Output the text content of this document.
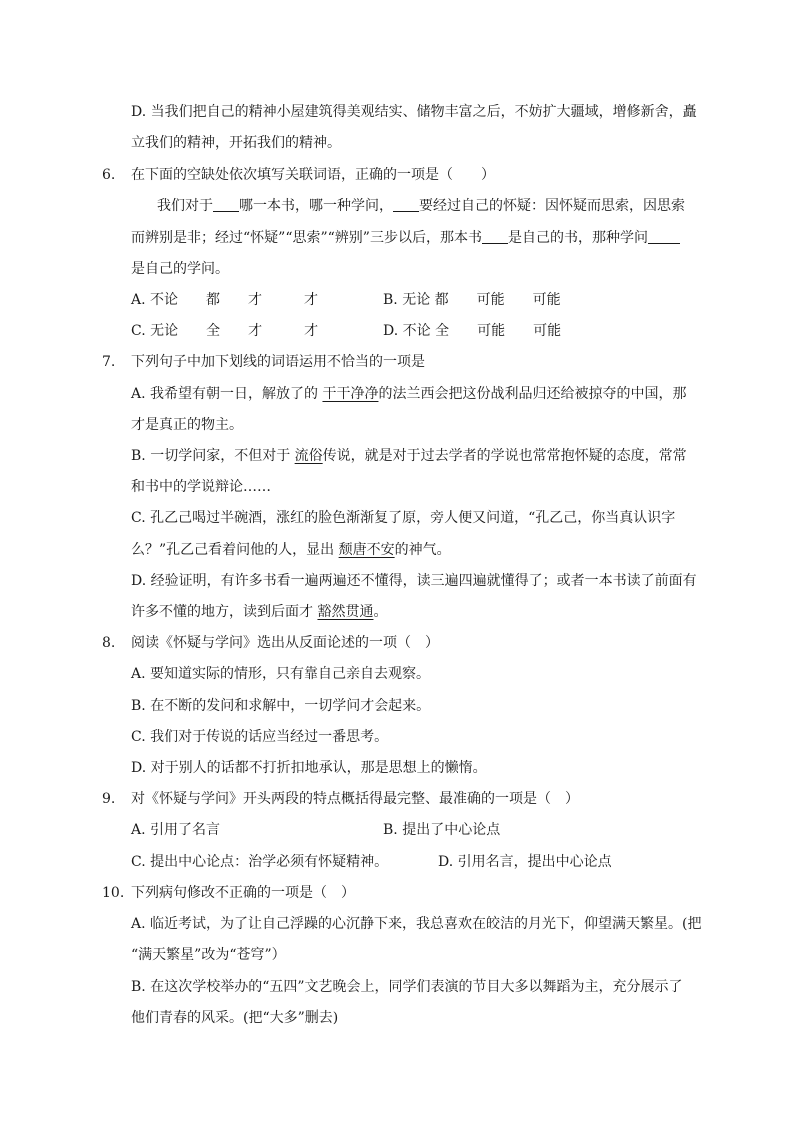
D. 当我们把自己的精神小屋建筑得美观结实、储物丰富之后，不妨扩大疆域，增修新舍，矗
立我们的精神，开拓我们的精神。
6. 在下面的空缺处依次填写关联词语，正确的一项是（　　）
我们对于 哪一本书，哪一种学问， 要经过自己的怀疑：因怀疑而思索，因思索
而辨别是非；经过“怀疑”“思索”“辨别”三步以后，那本书 是自己的书，那种学问
是自己的学问。
A. 不论　　都　　才　　　才	B. 无论 都　　可能　　可能
C. 无论　　全　　才　　　才	D. 不论 全　　可能　　可能
7. 下列句子中加下划线的词语运用不恰当的一项是
A. 我希望有朝一日，解放了的 干干净净的法兰西会把这份战利品归还给被掠夺的中国，那
才是真正的物主。
B. 一切学问家，不但对于 流俗传说，就是对于过去学者的学说也常常抱怀疑的态度，常常
和书中的学说辩论……
C. 孔乙己喝过半碗酒，涨红的脸色渐渐复了原，旁人便又问道，“孔乙己，你当真认识字
么？”孔乙己看着问他的人，显出 颓唐不安的神气。
D. 经验证明，有许多书看一遍两遍还不懂得，读三遍四遍就懂得了；或者一本书读了前面有
许多不懂的地方，读到后面才 豁然贯通。
8. 阅读《怀疑与学问》选出从反面论述的一项（　）
A. 要知道实际的情形，只有靠自己亲自去观察。
B. 在不断的发问和求解中，一切学问才会起来。
C. 我们对于传说的话应当经过一番思考。
D. 对于别人的话都不打折扣地承认，那是思想上的懒惰。
9. 对《怀疑与学问》开头两段的特点概括得最完整、最准确的一项是（　）
A. 引用了名言	B. 提出了中心论点
C. 提出中心论点：治学必须有怀疑精神。	D. 引用名言，提出中心论点
10. 下列病句修改不正确的一项是（　）
A. 临近考试，为了让自己浮躁的心沉静下来，我总喜欢在皎洁的月光下，仰望满天繁星。(把
“满天繁星”改为“苍穹”）
B. 在这次学校举办的“五四”文艺晚会上，同学们表演的节目大多以舞蹈为主，充分展示了
他们青春的风采。(把“大多”删去)
